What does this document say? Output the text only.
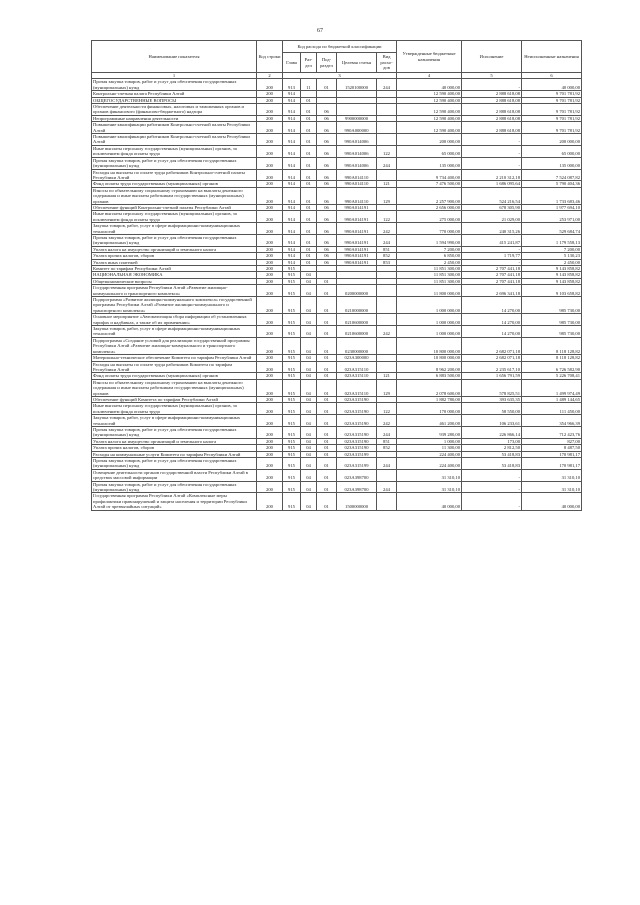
67
Наименование показателя	Код строки	Код расхода по бюджетной классификации					Утвержденные бюджетные назначения	Исполнение	Неисполненные назначения
		Глава	Раз-дел	Под-раздел	Целевая статья	Вид расхо-дов			
1	2	3					4	5	6
Прочая закупка товаров, работ и услуг для обеспечения государственных (муниципальных) нужд	200	913	11	01	1520100000	244	40 000,00	-	40 000,00
Контрольно-счетная палата Республики Алтай	200	914					12 590 400,00	2 888 618,08	9 701 781,92
ОБЩЕГОСУДАРСТВЕННЫЕ ВОПРОСЫ	200	914	01				12 590 400,00	2 888 618,08	9 701 781,92
Обеспечение деятельности финансовых, налоговых и таможенных органов и органов финансового (финансово-бюджетного) надзора	200	914	01	06			12 590 400,00	2 888 618,08	9 701 781,92
Непрограммные направления деятельности	200	914	01	06	9900000000		12 590 400,00	2 888 618,08	9 701 781,92
Повышение квалификации работников Контрольно-счетной палаты Республики Алтай	200	914	01	06	990A000000		12 590 400,00	2 888 618,08	9 701 781,92
Повышение квалификации работников Контрольно-счетной палаты Республики Алтай	200	914	01	06	990A014006		200 000,00	-	200 000,00
Иные выплаты персоналу государственных (муниципальных) органов, за исключением фонда оплаты труда	200	914	01	06	990A014006	122	65 000,00	-	65 000,00
Прочая закупка товаров, работ и услуг для обеспечения государственных (муниципальных) нужд	200	914	01	06	990A014006	244	135 000,00	-	135 000,00
Расходы на выплаты по оплате труда работников Контрольно-счетной палаты Республики Алтай	200	914	01	06	990A014110		9 734 400,00	2 210 312,18	7 524 087,82
Фонд оплаты труда государственных (муниципальных) органов	200	914	01	06	990A014110	121	7 476 500,00	1 686 095,64	5 790 404,36
Взносы по обязательному социальному страхованию на выплаты денежного содержания и иные выплаты работникам государственных (муниципальных) органов	200	914	01	06	990A014110	129	2 257 900,00	524 216,54	1 733 683,46
Обеспечение функций Контрольно-счетной палаты Республики Алтай	200	914	01	06	990A014191		2 656 000,00	678 305,90	1 977 694,10
Иные выплаты персоналу государственных (муниципальных) органов, за исключением фонда оплаты труда	200	914	01	06	990A014191	122	275 000,00	21 029,00	253 971,00
Закупка товаров, работ, услуг в сфере информационно-коммуникационных технологий	200	914	01	06	990A014191	242	770 000,00	240 315,26	529 684,74
Прочая закупка товаров, работ и услуг для обеспечения государственных (муниципальных) нужд	200	914	01	06	990A014191	244	1 594 990,00	415 241,87	1 179 558,13
Уплата налога на имущество организаций и земельного налога	200	914	01	06	990A014191	851	7 200,00	-	7 200,00
Уплата прочих налогов, сборов	200	914	01	06	990A014191	852	6 850,00	1 719,77	5 130,23
Уплата иных платежей	200	914	01	06	990A014191	853	2 450,00	-	2 450,00
Комитет по тарифам Республики Алтай	200	915					11 851 300,00	2 707 441,18	9 143 858,82
НАЦИОНАЛЬНАЯ ЭКОНОМИКА	200	915	04				11 851 300,00	2 707 441,18	9 143 858,82
Общеэкономические вопросы	200	915	04	01			11 851 300,00	2 707 441,18	9 143 858,82
Государственная программа Республики Алтай «Развитие жилищно-коммунального и транспортного комплекса»	200	915	04	01	0200000000		11 800 000,00	2 696 341,18	9 103 658,82
Подпрограмма «Развитие жилищно-коммунального комплекса» государственной программы Республики Алтай «Развитие жилищно-коммунального и транспортного комплекса»	200	915	04	01	0210000000		1 000 000,00	14 270,00	985 730,00
Основное мероприятие «Автоматизация сбора информации об установленных тарифах и надбавках, а также об их применении»	200	915	04	01	0210600000		1 000 000,00	14 270,00	985 730,00
Закупка товаров, работ, услуг в сфере информационно-коммуникационных технологий	200	915	04	01	0210600000	242	1 000 000,00	14 270,00	985 730,00
Подпрограмма «Создание условий для реализации государственной программы Республики Алтай «Развитие жилищно-коммунального и транспортного комплекса»	200	915	04	01	0230000000		10 800 000,00	2 682 071,18	8 118 128,82
Материально-техническое обеспечение Комитета по тарифам Республики Алтай	200	915	04	01	023A300000		10 800 000,00	2 682 071,18	8 118 128,82
Расходы на выплаты по оплате труда работников Комитета по тарифам Республики Алтай	200	915	04	01	023A315110		8 962 200,00	2 235 617,10	6 726 582,90
Фонд оплаты труда государственных (муниципальных) органов	200	915	04	01	023A315110	121	6 883 500,00	1 656 791,59	5 226 708,41
Взносы по обязательному социальному страхованию на выплаты денежного содержания и иные выплаты работникам государственных (муниципальных) органов	200	915	04	01	023A315110	129	2 078 600,00	578 825,51	1 499 974,49
Обеспечение функций Комитета по тарифам Республики Алтай	200	915	04	01	023A315190		1 882 780,00	393 635,35	1 489 144,65
Иные выплаты персоналу государственных (муниципальных) органов, за исключением фонда оплаты труда	200	915	04	01	023A315190	122	170 000,00	58 550,00	111 450,00
Закупка товаров, работ, услуг в сфере информационно-коммуникационных технологий	200	915	04	01	023A315190	242	461 200,00	106 233,61	354 966,39
Прочая закупка товаров, работ и услуг для обеспечения государственных (муниципальных) нужд	200	915	04	01	023A315190	244	939 280,00	226 866,14	712 423,76
Уплата налога на имущество организаций и земельного налога	200	915	04	01	023A315190	851	1 000,00	173,00	827,00
Уплата прочих налогов, сборов	200	915	04	01	023A315190	852	11 300,00	2 812,50	8 487,50
Расходы на коммунальные услуги Комитета по тарифам Республики Алтай	200	915	04	01	023A315199		224 400,00	53 418,83	170 981,17
Прочая закупка товаров, работ и услуг для обеспечения государственных (муниципальных) нужд	200	915	04	01	023A315199	244	224 400,00	53 418,83	170 981,17
Освещение деятельности органов государственной власти Республики Алтай в средствах массовой информации	200	915	04	01	023A398700		31 310,10	-	31 310,10
Прочая закупка товаров, работ и услуг для обеспечения государственных (муниципальных) нужд	200	915	04	01	023A398700	244	31 310,10	-	31 310,10
Государственная программа Республики Алтай «Комплексные меры профилактики правонарушений и защита населения и территории Республики Алтай от чрезвычайных ситуаций»	200	915	04	01	1500000000		40 000,00	-	40 000,00
